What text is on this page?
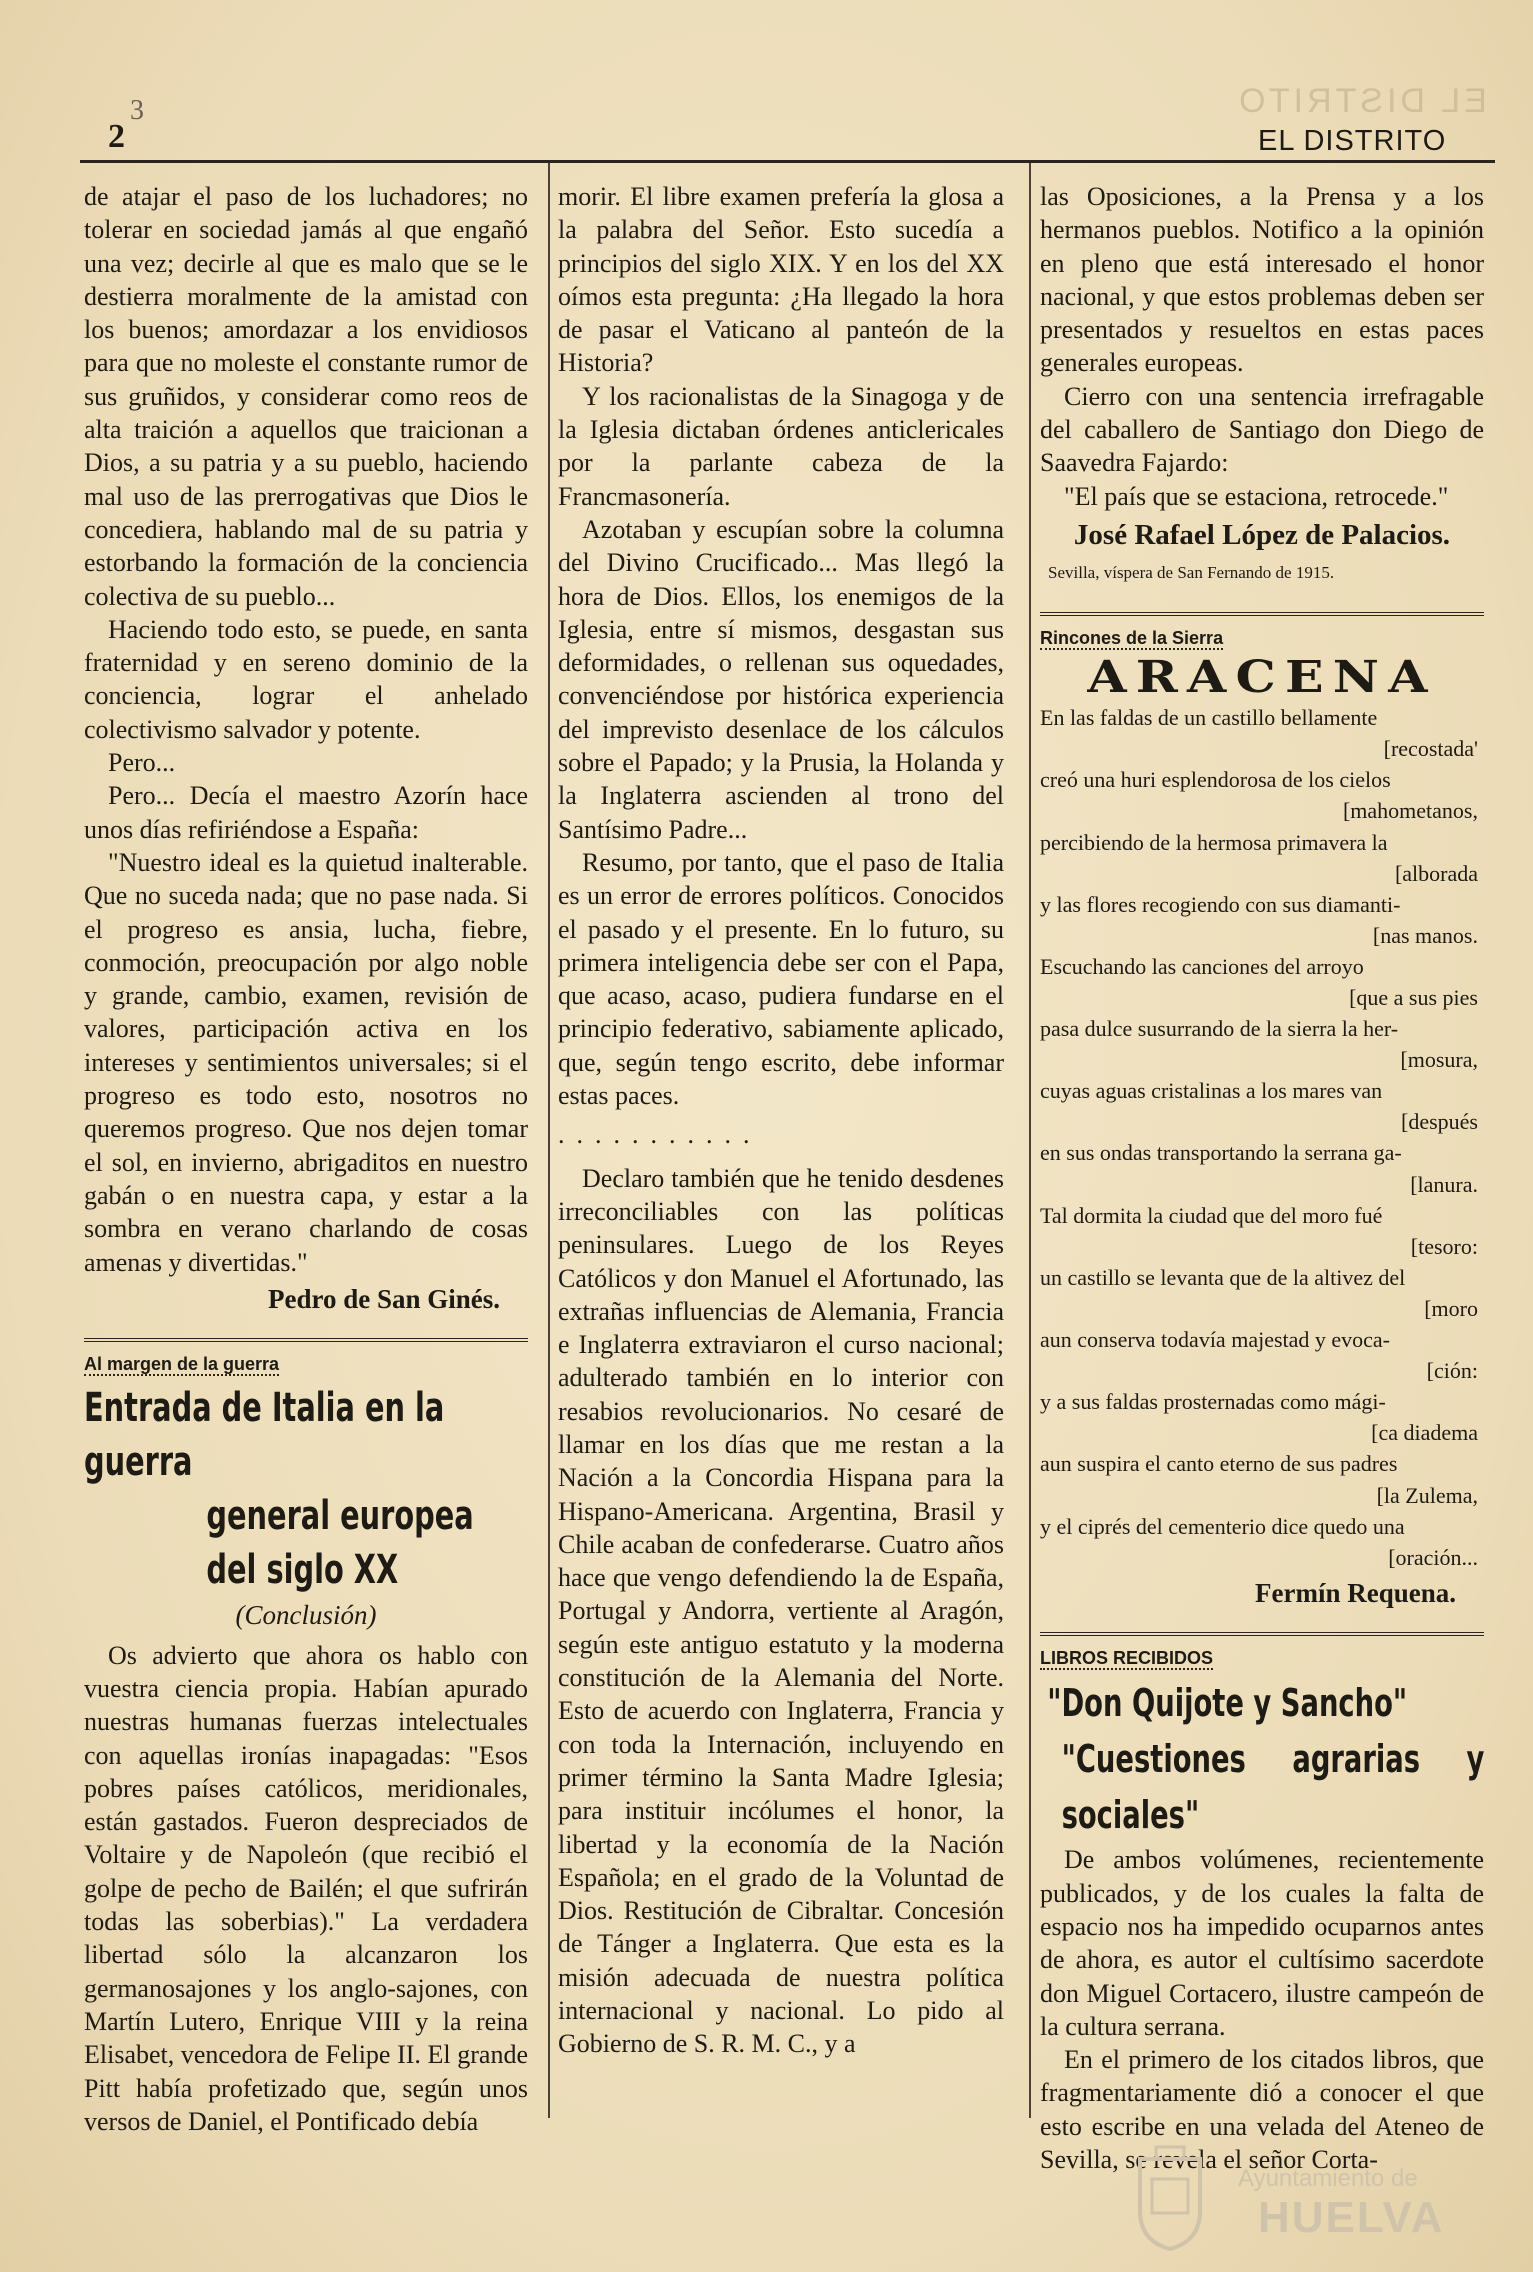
EL DISTRITO
3
2	EL DISTRITO

de atajar el paso de los luchadores; no tolerar en sociedad jamás al que engañó una vez; decirle al que es malo que se le destierra moralmente de la amistad con los buenos; amordazar a los envidiosos para que no moleste el constante rumor de sus gruñidos, y considerar como reos de alta traición a aquellos que traicionan a Dios, a su patria y a su pueblo, haciendo mal uso de las prerrogativas que Dios le concediera, hablando mal de su patria y estorbando la formación de la conciencia colectiva de su pueblo...

Haciendo todo esto, se puede, en santa fraternidad y en sereno dominio de la conciencia, lograr el anhelado colectivismo salvador y potente.

Pero...

Pero... Decía el maestro Azorín hace unos días refiriéndose a España:

"Nuestro ideal es la quietud inalterable. Que no suceda nada; que no pase nada. Si el progreso es ansia, lucha, fiebre, conmoción, preocupación por algo noble y grande, cambio, examen, revisión de valores, participación activa en los intereses y sentimientos universales; si el progreso es todo esto, nosotros no queremos progreso. Que nos dejen tomar el sol, en invierno, abrigaditos en nuestro gabán o en nuestra capa, y estar a la sombra en verano charlando de cosas amenas y divertidas."

Pedro de San Ginés.
Al margen de la guerra
Entrada de Italia en la guerra
general europea del siglo XX
(Conclusión)

Os advierto que ahora os hablo con vuestra ciencia propia. Habían apurado nuestras humanas fuerzas intelectuales con aquellas ironías inapagadas: "Esos pobres países católicos, meridionales, están gastados. Fueron despreciados de Voltaire y de Napoleón (que recibió el golpe de pecho de Bailén; el que sufrirán todas las soberbias)." La verdadera libertad sólo la alcanzaron los germanosajones y los anglo-sajones, con Martín Lutero, Enrique VIII y la reina Elisabet, vencedora de Felipe II. El grande Pitt había profetizado que, según unos versos de Daniel, el Pontificado debía

morir. El libre examen prefería la glosa a la palabra del Señor. Esto sucedía a principios del siglo XIX. Y en los del XX oímos esta pregunta: ¿Ha llegado la hora de pasar el Vaticano al panteón de la Historia?

Y los racionalistas de la Sinagoga y de la Iglesia dictaban órdenes anticlericales por la parlante cabeza de la Francmasonería.

Azotaban y escupían sobre la columna del Divino Crucificado... Mas llegó la hora de Dios. Ellos, los enemigos de la Iglesia, entre sí mismos, desgastan sus deformidades, o rellenan sus oquedades, convenciéndose por histórica experiencia del imprevisto desenlace de los cálculos sobre el Papado; y la Prusia, la Holanda y la Inglaterra ascienden al trono del Santísimo Padre...

Resumo, por tanto, que el paso de Italia es un error de errores políticos. Conocidos el pasado y el presente. En lo futuro, su primera inteligencia debe ser con el Papa, que acaso, acaso, pudiera fundarse en el principio federativo, sabiamente aplicado, que, según tengo escrito, debe informar estas paces.

...........

Declaro también que he tenido desdenes irreconciliables con las políticas peninsulares. Luego de los Reyes Católicos y don Manuel el Afortunado, las extrañas influencias de Alemania, Francia e Inglaterra extraviaron el curso nacional; adulterado también en lo interior con resabios revolucionarios. No cesaré de llamar en los días que me restan a la Nación a la Concordia Hispana para la Hispano-Americana. Argentina, Brasil y Chile acaban de confederarse. Cuatro años hace que vengo defendiendo la de España, Portugal y Andorra, vertiente al Aragón, según este antiguo estatuto y la moderna constitución de la Alemania del Norte. Esto de acuerdo con Inglaterra, Francia y con toda la Internación, incluyendo en primer término la Santa Madre Iglesia; para instituir incólumes el honor, la libertad y la economía de la Nación Española; en el grado de la Voluntad de Dios. Restitución de Cibraltar. Concesión de Tánger a Inglaterra. Que esta es la misión adecuada de nuestra política internacional y nacional. Lo pido al Gobierno de S. R. M. C., y a

las Oposiciones, a la Prensa y a los hermanos pueblos. Notifico a la opinión en pleno que está interesado el honor nacional, y que estos problemas deben ser presentados y resueltos en estas paces generales europeas.

Cierro con una sentencia irrefragable del caballero de Santiago don Diego de Saavedra Fajardo:

"El país que se estaciona, retrocede."

José Rafael López de Palacios.
Sevilla, víspera de San Fernando de 1915.
Rincones de la Sierra
ARACENA
En las faldas de un castillo bellamente
[recostada'
creó una huri esplendorosa de los cielos
[mahometanos,
percibiendo de la hermosa primavera la
[alborada
y las flores recogiendo con sus diamanti-
[nas manos.
Escuchando las canciones del arroyo
[que a sus pies
pasa dulce susurrando de la sierra la her-
[mosura,
cuyas aguas cristalinas a los mares van
[después
en sus ondas transportando la serrana ga-
[lanura.
Tal dormita la ciudad que del moro fué
[tesoro:
un castillo se levanta que de la altivez del
[moro
aun conserva todavía majestad y evoca-
[ción:
y a sus faldas prosternadas como mági-
[ca diadema
aun suspira el canto eterno de sus padres
[la Zulema,
y el ciprés del cementerio dice quedo una
[oración...
Fermín Requena.
LIBROS RECIBIDOS
"Don Quijote y Sancho"
"Cuestiones agrarias y sociales"

De ambos volúmenes, recientemente publicados, y de los cuales la falta de espacio nos ha impedido ocuparnos antes de ahora, es autor el cultísimo sacerdote don Miguel Cortacero, ilustre campeón de la cultura serrana.

En el primero de los citados libros, que fragmentariamente dió a conocer el que esto escribe en una velada del Ateneo de Sevilla, se revela el señor Corta-

Ayuntamiento de
HUELVA
